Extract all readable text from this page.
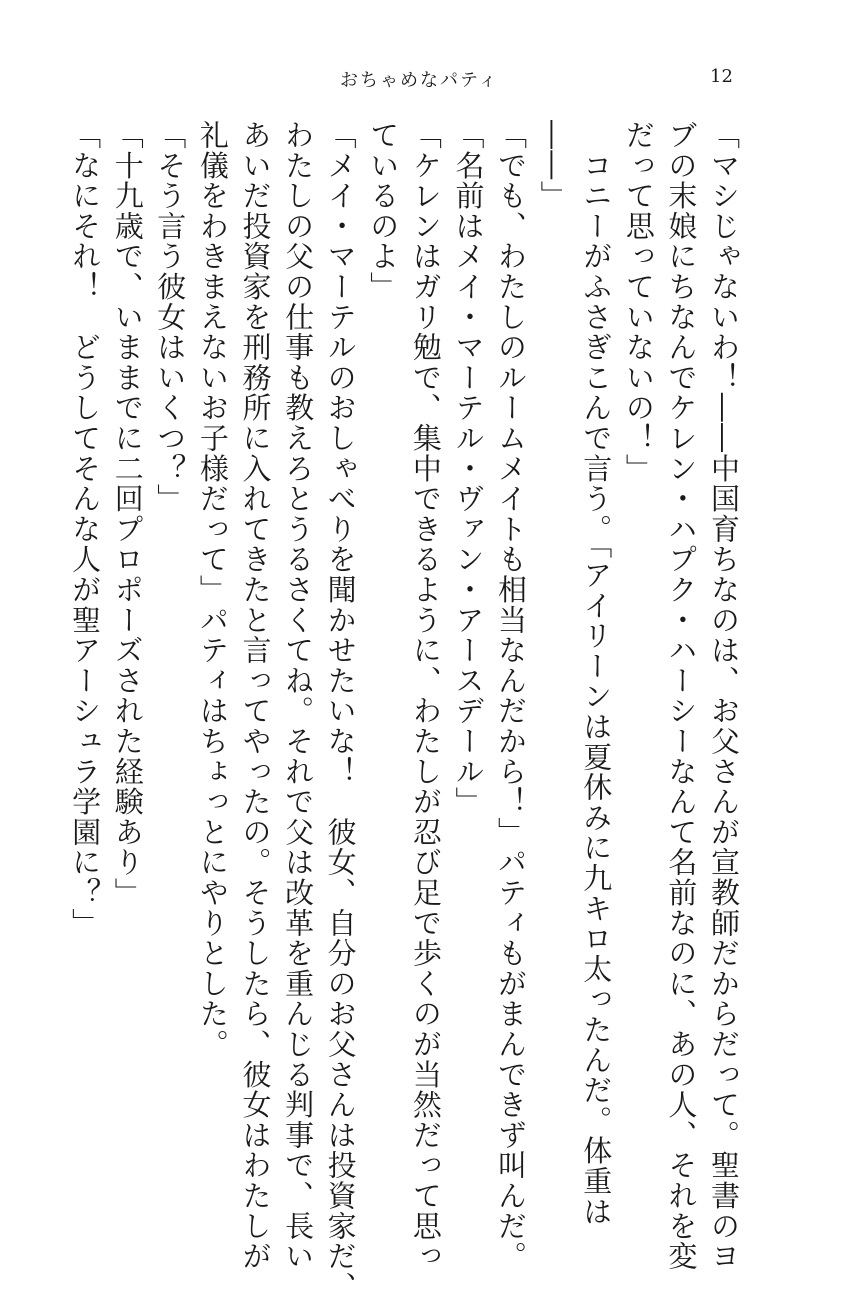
おちゃめなパティ	12
「マシじゃないわ！――中国育ちなのは、お父さんが宣教師だからだって。聖書のヨ
ブの末娘にちなんでケレン・ハプク・ハーシーなんて名前なのに、あの人、それを変
だって思っていないの！」
　コニーがふさぎこんで言う。「アイリーンは夏休みに九キロ太ったんだ。体重は
――」
「でも、わたしのルームメイトも相当なんだから！」パティもがまんできず叫んだ。
「名前はメイ・マーテル・ヴァン・アースデール」
「ケレンはガリ勉で、集中できるように、わたしが忍び足で歩くのが当然だって思っ
ているのよ」
「メイ・マーテルのおしゃべりを聞かせたいな！　彼女、自分のお父さんは投資家だ、
わたしの父の仕事も教えろとうるさくてね。それで父は改革を重んじる判事で、長い
あいだ投資家を刑務所に入れてきたと言ってやったの。そうしたら、彼女はわたしが
礼儀をわきまえないお子様だって」パティはちょっとにやりとした。
「そう言う彼女はいくつ？」
「十九歳で、いままでに二回プロポーズされた経験あり」
「なにそれ！　どうしてそんな人が聖アーシュラ学園に？」
